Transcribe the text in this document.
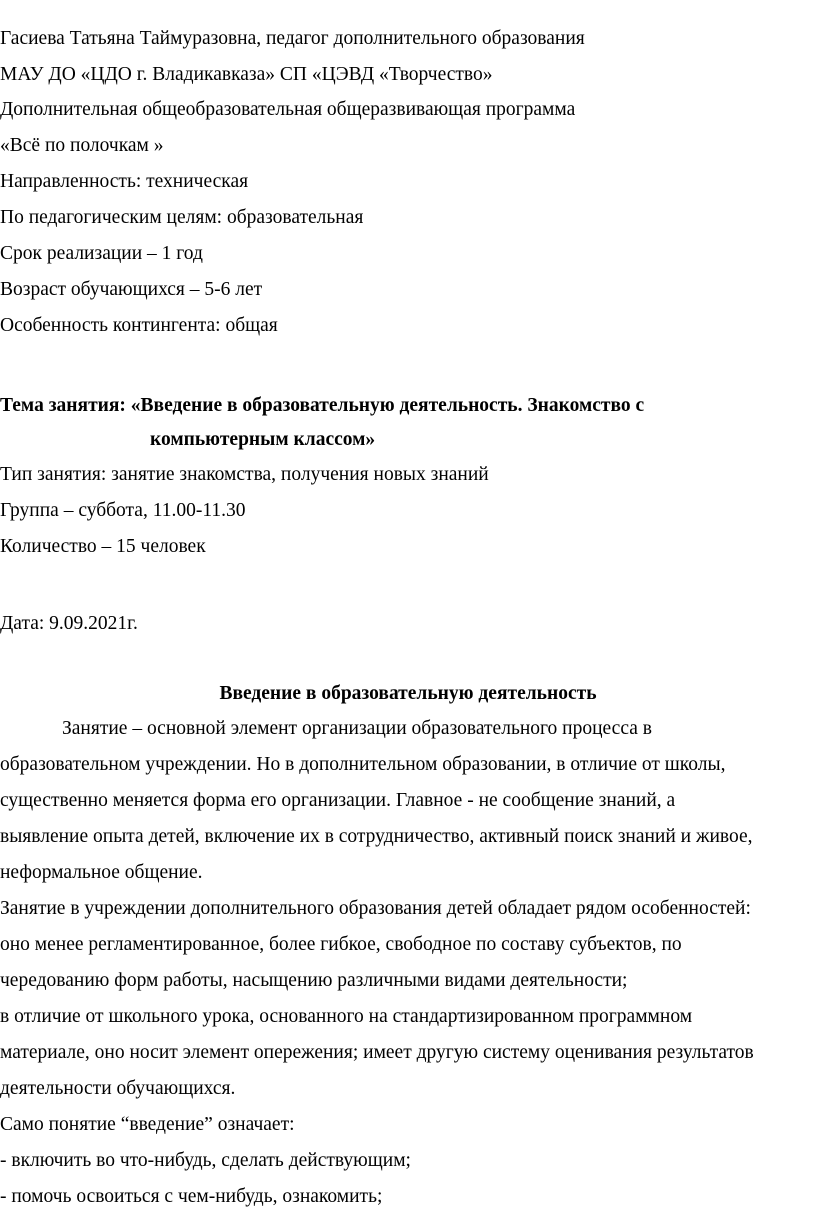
Гасиева Татьяна Таймуразовна, педагог дополнительного образования
МАУ ДО «ЦДО г. Владикавказа» СП «ЦЭВД «Творчество»
Дополнительная общеобразовательная общеразвивающая программа
«Всё по полочкам »
Направленность: техническая
По педагогическим целям: образовательная
Срок реализации – 1 год
Возраст обучающихся – 5-6 лет
Особенность контингента: общая
Тема занятия: «Введение в образовательную деятельность. Знакомство с
компьютерным классом»
Тип занятия: занятие знакомства, получения новых знаний
Группа – суббота, 11.00-11.30
Количество – 15 человек
Дата: 9.09.2021г.
Введение в образовательную деятельность
Занятие – основной элемент организации образовательного процесса в
образовательном учреждении. Но в дополнительном образовании, в отличие от школы,
существенно меняется форма его организации. Главное - не сообщение знаний, а
выявление опыта детей, включение их в сотрудничество, активный поиск знаний и живое,
неформальное общение.
Занятие в учреждении дополнительного образования детей обладает рядом особенностей:
оно менее регламентированное, более гибкое, свободное по составу субъектов, по
чередованию форм работы, насыщению различными видами деятельности;
в отличие от школьного урока, основанного на стандартизированном программном
материале, оно носит элемент опережения; имеет другую систему оценивания результатов
деятельности обучающихся.
Само понятие “введение” означает:
- включить во что-нибудь, сделать действующим;
- помочь освоиться с чем-нибудь, ознакомить;
